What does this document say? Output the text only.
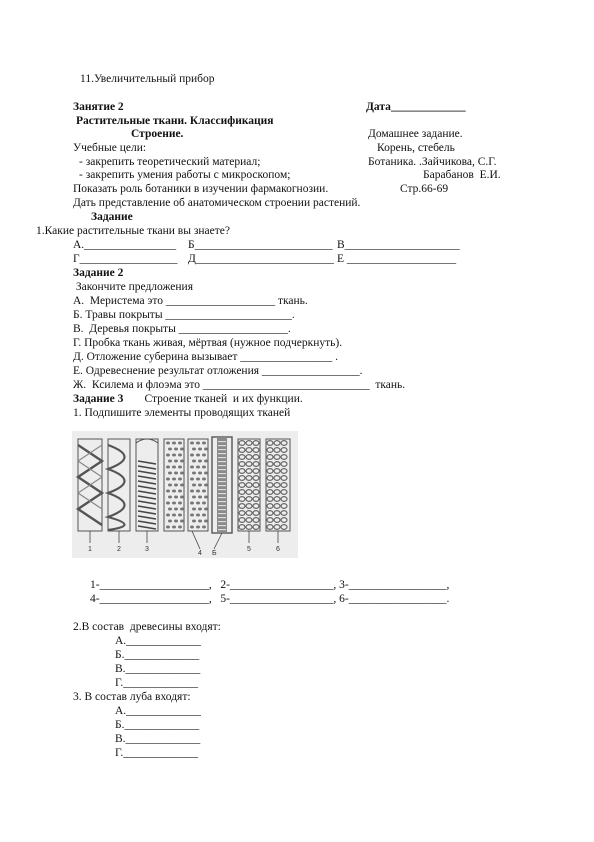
11.Увеличительный прибор
Занятие 2	Дата_____________
Растительные ткани. Классификация
Строение.	Домашнее задание.
Учебные цели:	Корень, стебель
- закрепить теоретический материал;	Ботаника. .Зайчикова, С.Г.
- закрепить умения работы с микроскопом;	Барабанов  Е.И.
Показать роль ботаники в изучении фармакогнозии.	Стр.66-69
Дать представление об анатомическом строении растений.
Задание
1.Какие растительные ткани вы знаете?
А.________________ Б________________________ В____________________
Г_________________ Д________________________ Е ___________________
Задание 2
Закончите предложения
А.  Меристема это ___________________ ткань.
Б. Травы покрыты ______________________.
В.  Деревья покрыты ___________________.
Г. Пробка ткань живая, мёртвая (нужное подчеркнуть).
Д. Отложение суберина вызывает ________________ .
Е. Одревеснение результат отложения _________________.
Ж.  Ксилема и флоэма это _____________________________  ткань.
Задание 3 Строение тканей  и их функции.
1. Подпишите элементы проводящих тканей
1	2	3
4 Б
5	6
1-___________________,   2-__________________, 3-_________________,
4-___________________,   5-__________________, 6-_________________.
2.В состав  древесины входят:
А._____________
Б._____________
В._____________
Г._____________
3. В состав луба входят:
А._____________
Б._____________
В._____________
Г._____________
